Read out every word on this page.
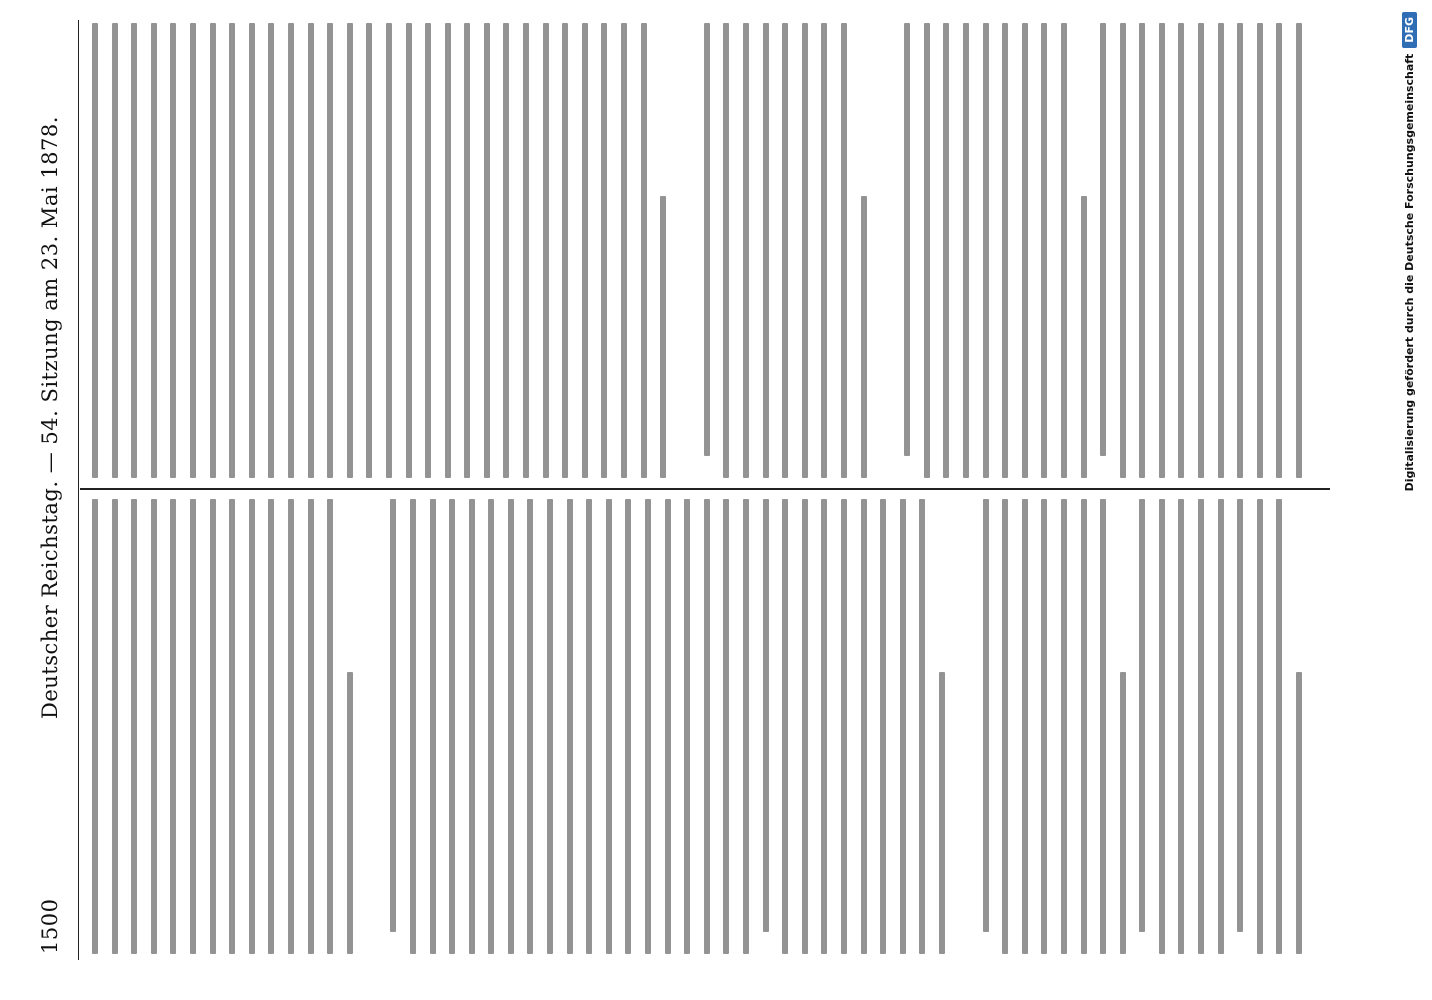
1500
Deutscher Reichstag. — 54. Sitzung am 23. Mai 1878.	Digitalisierung gefördert durch die Deutsche ForschungsgemeinschaftDFG
